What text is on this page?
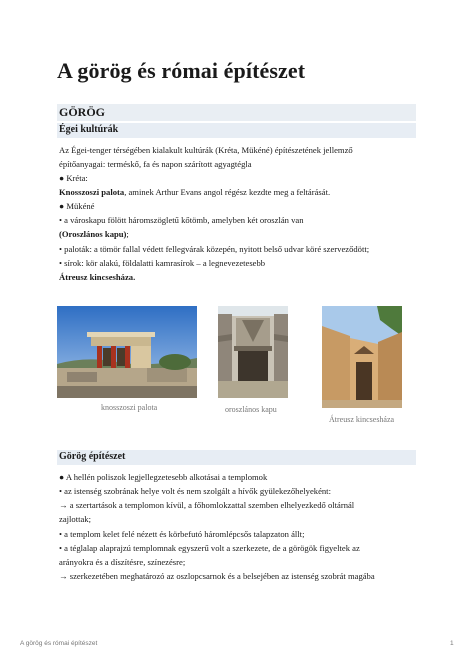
A görög és római építészet
GÖRÖG
Égei kultúrák
Az Égei-tenger térségében kialakult kultúrák (Kréta, Mükéné) építészetének jellemző
építőanyagai: terméskő, fa és napon szárított agyagtégla
● Kréta:
Knosszoszi palota, aminek Arthur Evans angol régész kezdte meg a feltárását.
● Mükéné
• a városkapu fölött háromszögletű kőtömb, amelyben két oroszlán van
(Oroszlános kapu);
• paloták: a tömör fallal védett fellegvárak közepén, nyitott belső udvar köré szerveződött;
• sírok: kör alakú, földalatti kamrasírok – a legnevezetesebb
Átreusz kincsesháza.
knosszoszi palota	oroszlános kapu
Átreusz kincsesháza
Görög építészet
● A hellén poliszok legjellegzetesebb alkotásai a templomok
• az istenség szobrának helye volt és nem szolgált a hívők gyülekezőhelyeként:
→ a szertartások a templomon kívül, a főhomlokzattal szemben elhelyezkedő oltárnál
zajlottak;
• a templom kelet felé nézett és körbefutó háromlépcsős talapzaton állt;
• a téglalap alaprajzú templomnak egyszerű volt a szerkezete, de a görögök figyeltek az
arányokra és a díszítésre, színezésre;
→ szerkezetében meghatározó az oszlopcsarnok és a belsejében az istenség szobrát magába
A görög és római építészet	1
